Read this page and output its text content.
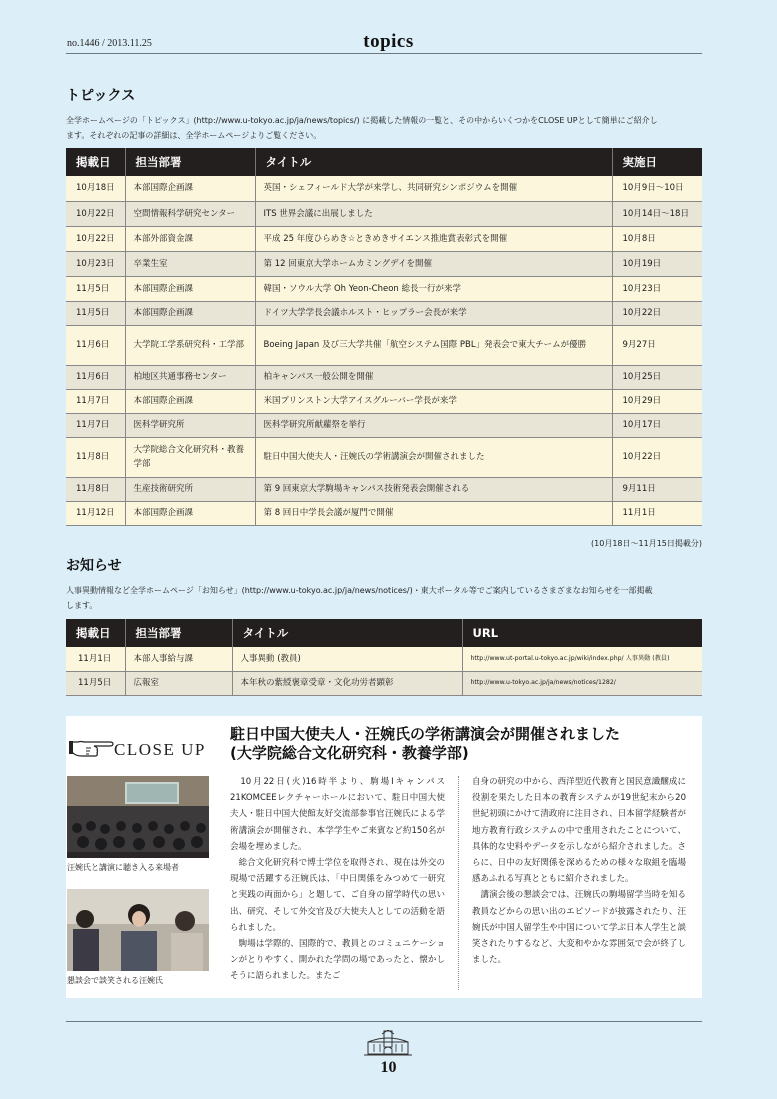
no.1446 / 2013.11.25	topics
トピックス
全学ホームページの「トピックス」(http://www.u-tokyo.ac.jp/ja/news/topics/) に掲載した情報の一覧と、その中からいくつかをCLOSE UPとして簡単にご紹介し
ます。それぞれの記事の詳細は、全学ホームページよりご覧ください。
掲載日	担当部署	タイトル	実施日
10月18日	本部国際企画課	英国・シェフィールド大学が来学し、共同研究シンポジウムを開催	10月9日～10日
10月22日	空間情報科学研究センター	ITS 世界会議に出展しました	10月14日～18日
10月22日	本部外部資金課	平成 25 年度ひらめき☆ときめきサイエンス推進賞表彰式を開催	10月8日
10月23日	卒業生室	第 12 回東京大学ホームカミングデイを開催	10月19日
11月5日	本部国際企画課	韓国・ソウル大学 Oh Yeon-Cheon 総長一行が来学	10月23日
11月5日	本部国際企画課	ドイツ大学学長会議ホルスト・ヒップラー会長が来学	10月22日
11月6日	大学院工学系研究科・工学部	Boeing Japan 及び三大学共催「航空システム国際 PBL」発表会で東大チームが優勝	9月27日
11月6日	柏地区共通事務センター	柏キャンパス一般公開を開催	10月25日
11月7日	本部国際企画課	米国プリンストン大学アイスグルーバー学長が来学	10月29日
11月7日	医科学研究所	医科学研究所献蘿祭を挙行	10月17日
11月8日	大学院総合文化研究科・教養学部	駐日中国大使夫人・汪婉氏の学術講演会が開催されました	10月22日
11月8日	生産技術研究所	第 9 回東京大学駒場キャンパス技術発表会開催される	9月11日
11月12日	本部国際企画課	第 8 回日中学長会議が厦門で開催	11月1日
(10月18日～11月15日掲載分)
お知らせ
人事異動情報など全学ホームページ「お知らせ」(http://www.u-tokyo.ac.jp/ja/news/notices/)・東大ポータル等でご案内しているさまざまなお知らせを一部掲載
します。
掲載日	担当部署	タイトル	URL
11月1日	本部人事給与課	人事異動 (教員)	http://www.ut-portal.u-tokyo.ac.jp/wiki/index.php/ 人事異動 (教員)
11月5日	広報室	本年秋の紫綬褒章受章・文化功労者顕彰	http://www.u-tokyo.ac.jp/ja/news/notices/1282/
CLOSE UP
汪婉氏と講演に聴き入る来場者
懇談会で談笑される汪婉氏
駐日中国大使夫人・汪婉氏の学術講演会が開催されました
(大学院総合文化研究科・教養学部)

　10月22日(火)16時半より、駒場Ⅰキャンパス 21KOMCEEレクチャーホールにおいて、駐日中国大使夫人・駐日中国大使館友好交流部参事官汪婉氏による学術講演会が開催され、本学学生やご来賓など約150名が会場を埋めました。

　総合文化研究科で博士学位を取得され、現在は外交の現場で活躍する汪婉氏は、「中日関係をみつめて一研究と実践の両面から」と題して、ご自身の留学時代の思い出、研究、そして外交官及び大使夫人としての活動を語られました。

　駒場は学際的、国際的で、教員とのコミュニケーションがとりやすく、開かれた学問の場であったと、懐かしそうに語られました。またご

自身の研究の中から、西洋型近代教育と国民意識醸成に役割を果たした日本の教育システムが19世紀末から20世紀初頭にかけて清政府に注目され、日本留学経験者が地方教育行政システムの中で重用されたことについて、具体的な史料やデータを示しながら紹介されました。さらに、日中の友好関係を深めるための様々な取組を臨場感あふれる写真とともに紹介されました。

　講演会後の懇談会では、汪婉氏の駒場留学当時を知る教員などからの思い出のエピソードが披露されたり、汪婉氏が中国人留学生や中国について学ぶ日本人学生と談笑されたりするなど、大変和やかな雰囲気で会が終了しました。

10
